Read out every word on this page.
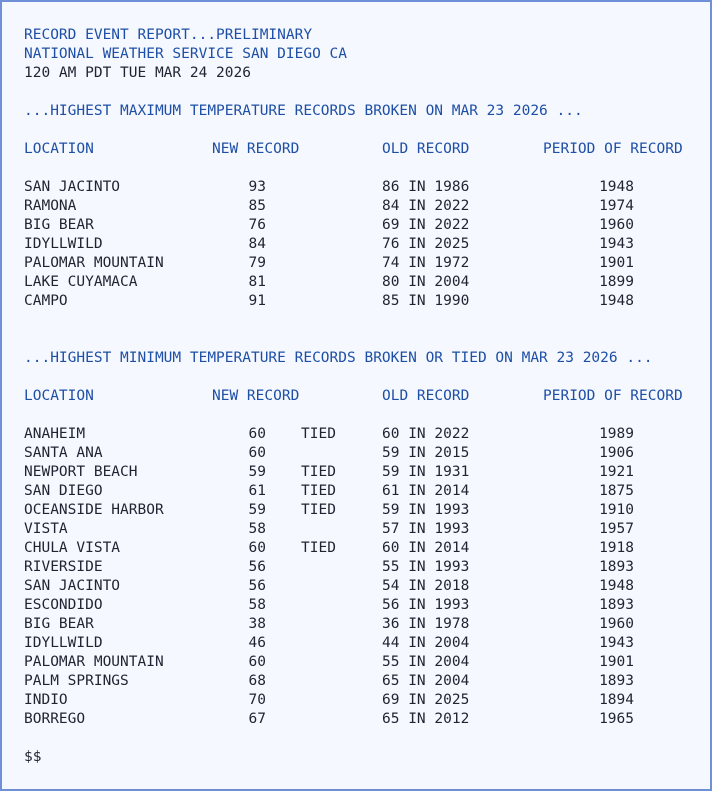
RECORD EVENT REPORT...PRELIMINARY
NATIONAL WEATHER SERVICE SAN DIEGO CA
120 AM PDT TUE MAR 24 2026
...HIGHEST MAXIMUM TEMPERATURE RECORDS BROKEN ON MAR 23 2026 ...
LOCATION	NEW RECORD	OLD RECORD	PERIOD OF RECORD
SAN JACINTO	93	86 IN 1986	1948
RAMONA	85	84 IN 2022	1974
BIG BEAR	76	69 IN 2022	1960
IDYLLWILD	84	76 IN 2025	1943
PALOMAR MOUNTAIN	79	74 IN 1972	1901
LAKE CUYAMACA	81	80 IN 2004	1899
CAMPO	91	85 IN 1990	1948
...HIGHEST MINIMUM TEMPERATURE RECORDS BROKEN OR TIED ON MAR 23 2026 ...
LOCATION	NEW RECORD	OLD RECORD	PERIOD OF RECORD
ANAHEIM	60 TIED	60 IN 2022	1989
SANTA ANA	60	59 IN 2015	1906
NEWPORT BEACH	59 TIED	59 IN 1931	1921
SAN DIEGO	61 TIED	61 IN 2014	1875
OCEANSIDE HARBOR	59 TIED	59 IN 1993	1910
VISTA	58	57 IN 1993	1957
CHULA VISTA	60 TIED	60 IN 2014	1918
RIVERSIDE	56	55 IN 1993	1893
SAN JACINTO	56	54 IN 2018	1948
ESCONDIDO	58	56 IN 1993	1893
BIG BEAR	38	36 IN 1978	1960
IDYLLWILD	46	44 IN 2004	1943
PALOMAR MOUNTAIN	60	55 IN 2004	1901
PALM SPRINGS	68	65 IN 2004	1893
INDIO	70	69 IN 2025	1894
BORREGO	67	65 IN 2012	1965
$$
